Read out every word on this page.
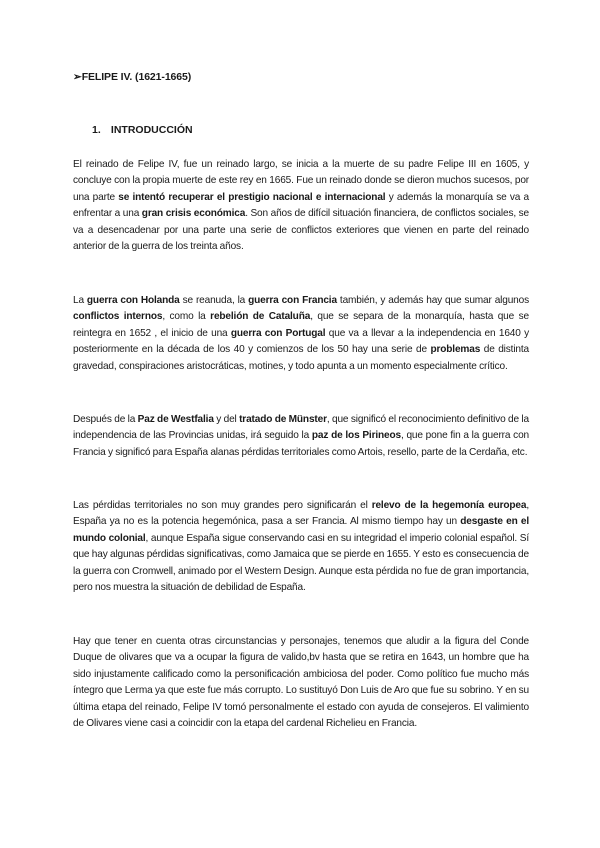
➢FELIPE IV. (1621-1665)
1. INTRODUCCIÓN

El reinado de Felipe IV, fue un reinado largo, se inicia a la muerte de su padre Felipe III en 1605, y concluye con la propia muerte de este rey en 1665. Fue un reinado donde se dieron muchos sucesos, por una parte se intentó recuperar el prestigio nacional e internacional y además la monarquía se va a enfrentar a una gran crisis económica. Son años de difícil situación financiera, de conflictos sociales, se va a desencadenar por una parte una serie de conflictos exteriores que vienen en parte del reinado anterior de la guerra de los treinta años.

La guerra con Holanda se reanuda, la guerra con Francia también, y además hay que sumar algunos conflictos internos, como la rebelión de Cataluña, que se separa de la monarquía, hasta que se reintegra en 1652 , el inicio de una guerra con Portugal que va a llevar a la independencia en 1640 y posteriormente en la década de los 40 y comienzos de los 50 hay una serie de problemas de distinta gravedad, conspiraciones aristocráticas, motines, y todo apunta a un momento especialmente crítico.

Después de la Paz de Westfalia y del tratado de Münster, que significó el reconocimiento definitivo de la independencia de las Provincias unidas, irá seguido la paz de los Pirineos, que pone fin a la guerra con Francia y significó para España alanas pérdidas territoriales como Artois, resello, parte de la Cerdaña, etc.

Las pérdidas territoriales no son muy grandes pero significarán el relevo de la hegemonía europea, España ya no es la potencia hegemónica, pasa a ser Francia. Al mismo tiempo hay un desgaste en el mundo colonial, aunque España sigue conservando casi en su integridad el imperio colonial español. Sí que hay algunas pérdidas significativas, como Jamaica que se pierde en 1655. Y esto es consecuencia de la guerra con Cromwell, animado por el Western Design. Aunque esta pérdida no fue de gran importancia, pero nos muestra la situación de debilidad de España.

Hay que tener en cuenta otras circunstancias y personajes, tenemos que aludir a la figura del Conde Duque de olivares que va a ocupar la figura de valido,bv hasta que se retira en 1643, un hombre que ha sido injustamente calificado como la personificación ambiciosa del poder. Como político fue mucho más íntegro que Lerma ya que este fue más corrupto. Lo sustituyó Don Luis de Aro que fue su sobrino. Y en su última etapa del reinado, Felipe IV tomó personalmente el estado con ayuda de consejeros. El valimiento de Olivares viene casi a coincidir con la etapa del cardenal Richelieu en Francia.
